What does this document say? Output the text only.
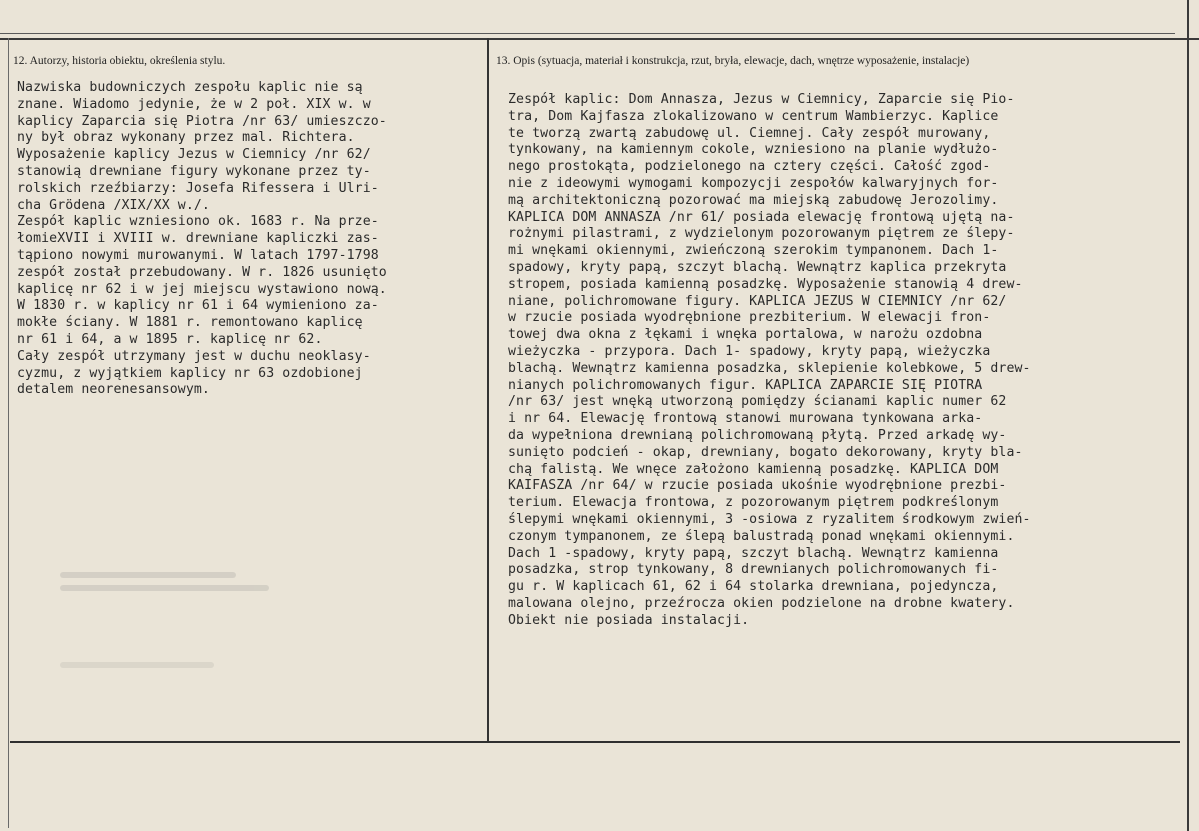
12. Autorzy, historia obiektu, określenia stylu.	13. Opis (sytuacja, materiał i konstrukcja, rzut, bryła, elewacje, dach, wnętrze wyposażenie, instalacje)
Nazwiska budowniczych zespołu kaplic nie są
znane. Wiadomo jedynie, że w 2 poł. XIX w. w
kaplicy Zaparcia się Piotra /nr 63/ umieszczo-
ny był obraz wykonany przez mal. Richtera.
Wyposażenie kaplicy Jezus w Ciemnicy /nr 62/
stanowią drewniane figury wykonane przez ty-
rolskich rzeźbiarzy: Josefa Rifessera i Ulri-
cha Grödena /XIX/XX w./.
Zespół kaplic wzniesiono ok. 1683 r. Na prze-
łomieXVII i XVIII w. drewniane kapliczki zas-
tąpiono nowymi murowanymi. W latach 1797-1798
zespół został przebudowany. W r. 1826 usunięto
kaplicę nr 62 i w jej miejscu wystawiono nową.
W 1830 r. w kaplicy nr 61 i 64 wymieniono za-
mokłe ściany. W 1881 r. remontowano kaplicę
nr 61 i 64, a w 1895 r. kaplicę nr 62.
Cały zespół utrzymany jest w duchu neoklasy-
cyzmu, z wyjątkiem kaplicy nr 63 ozdobionej
detalem neorenesansowym.
Zespół kaplic: Dom Annasza, Jezus w Ciemnicy, Zaparcie się Pio-
tra, Dom Kajfasza zlokalizowano w centrum Wambierzyc. Kaplice
te tworzą zwartą zabudowę ul. Ciemnej. Cały zespół murowany,
tynkowany, na kamiennym cokole, wzniesiono na planie wydłużo-
nego prostokąta, podzielonego na cztery części. Całość zgod-
nie z ideowymi wymogami kompozycji zespołów kalwaryjnych for-
mą architektoniczną pozorować ma miejską zabudowę Jerozolimy.
KAPLICA DOM ANNASZA /nr 61/ posiada elewację frontową ujętą na-
rożnymi pilastrami, z wydzielonym pozorowanym piętrem ze ślepy-
mi wnękami okiennymi, zwieńczoną szerokim tympanonem. Dach 1-
spadowy, kryty papą, szczyt blachą. Wewnątrz kaplica przekryta
stropem, posiada kamienną posadzkę. Wyposażenie stanowią 4 drew-
niane, polichromowane figury. KAPLICA JEZUS W CIEMNICY /nr 62/
w rzucie posiada wyodrębnione prezbiterium. W elewacji fron-
towej dwa okna z łękami i wnęka portalowa, w narożu ozdobna
wieżyczka - przypora. Dach 1- spadowy, kryty papą, wieżyczka
blachą. Wewnątrz kamienna posadzka, sklepienie kolebkowe, 5 drew-
nianych polichromowanych figur. KAPLICA ZAPARCIE SIĘ PIOTRA
/nr 63/ jest wnęką utworzoną pomiędzy ścianami kaplic numer 62
i nr 64. Elewację frontową stanowi murowana tynkowana arka-
da wypełniona drewnianą polichromowaną płytą. Przed arkadę wy-
sunięto podcień - okap, drewniany, bogato dekorowany, kryty bla-
chą falistą. We wnęce założono kamienną posadzkę. KAPLICA DOM
KAIFASZA /nr 64/ w rzucie posiada ukośnie wyodrębnione prezbi-
terium. Elewacja frontowa, z pozorowanym piętrem podkreślonym
ślepymi wnękami okiennymi, 3 -osiowa z ryzalitem środkowym zwień-
czonym tympanonem, ze ślepą balustradą ponad wnękami okiennymi.
Dach 1 -spadowy, kryty papą, szczyt blachą. Wewnątrz kamienna
posadzka, strop tynkowany, 8 drewnianych polichromowanych fi-
gu r. W kaplicach 61, 62 i 64 stolarka drewniana, pojedyncza,
malowana olejno, przeźrocza okien podzielone na drobne kwatery.
Obiekt nie posiada instalacji.
